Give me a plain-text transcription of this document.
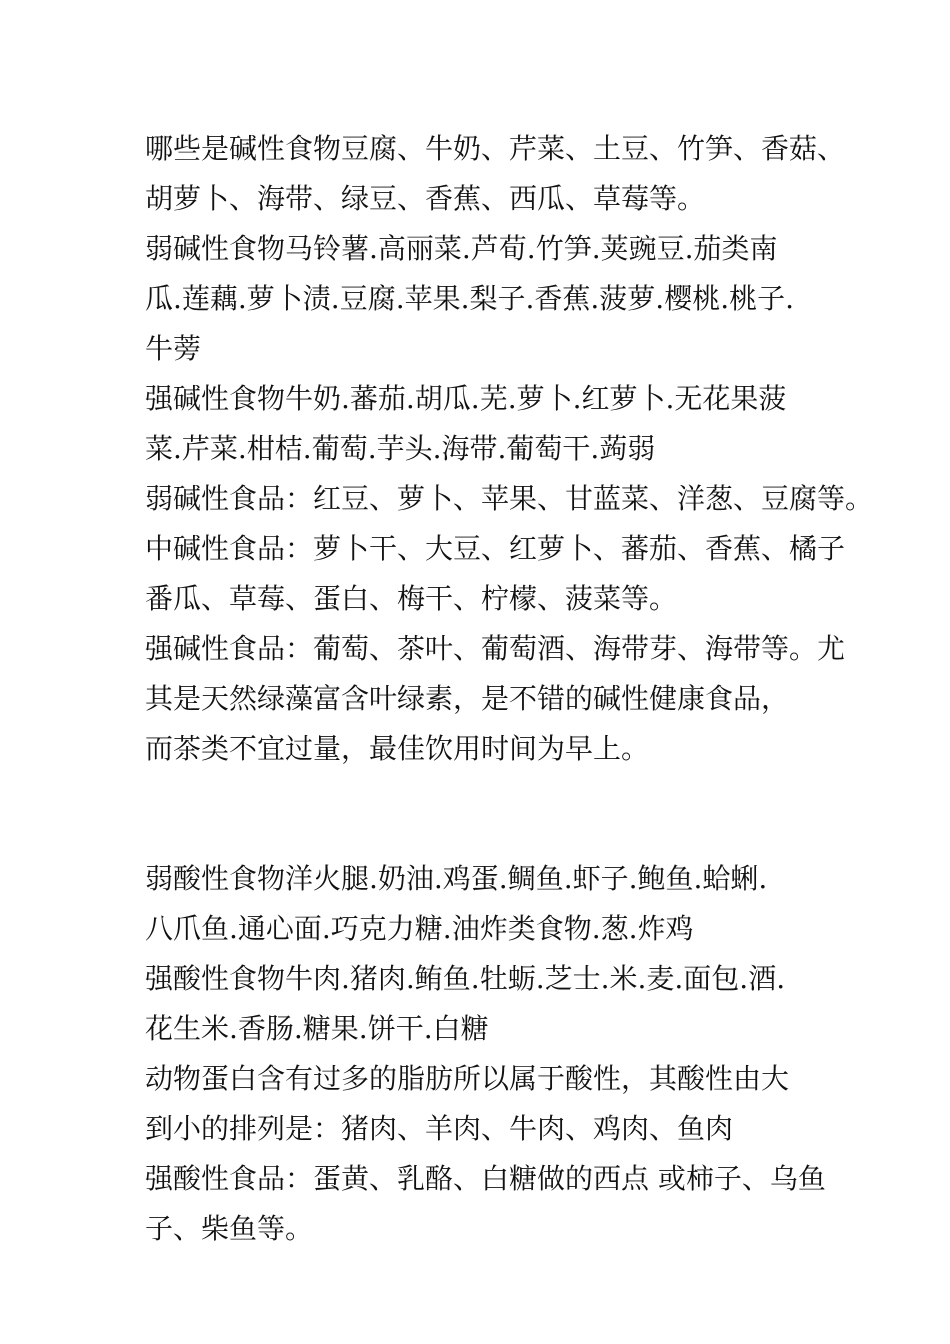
哪些是碱性食物豆腐、牛奶、芹菜、土豆、竹笋、香菇、
胡萝卜、海带、绿豆、香蕉、西瓜、草莓等。
弱碱性食物马铃薯.高丽菜.芦荀.竹笋.荚豌豆.茄类南
瓜.莲藕.萝卜渍.豆腐.苹果.梨子.香蕉.菠萝.樱桃.桃子.
牛蒡
强碱性食物牛奶.蕃茄.胡瓜.芜.萝卜.红萝卜.无花果菠
菜.芹菜.柑桔.葡萄.芋头.海带.葡萄干.蒟弱
弱碱性食品：红豆、萝卜、苹果、甘蓝菜、洋葱、豆腐等。
中碱性食品：萝卜干、大豆、红萝卜、蕃茄、香蕉、橘子
番瓜、草莓、蛋白、梅干、柠檬、菠菜等。
强碱性食品：葡萄、茶叶、葡萄酒、海带芽、海带等。尤
其是天然绿藻富含叶绿素，是不错的碱性健康食品，
而茶类不宜过量，最佳饮用时间为早上。
弱酸性食物洋火腿.奶油.鸡蛋.鲷鱼.虾子.鲍鱼.蛤蜊.
八爪鱼.通心面.巧克力糖.油炸类食物.葱.炸鸡
强酸性食物牛肉.猪肉.鲔鱼.牡蛎.芝士.米.麦.面包.酒.
花生米.香肠.糖果.饼干.白糖
动物蛋白含有过多的脂肪所以属于酸性，其酸性由大
到小的排列是：猪肉、羊肉、牛肉、鸡肉、鱼肉
强酸性食品：蛋黄、乳酪、白糖做的西点 或柿子、乌鱼
子、柴鱼等。
